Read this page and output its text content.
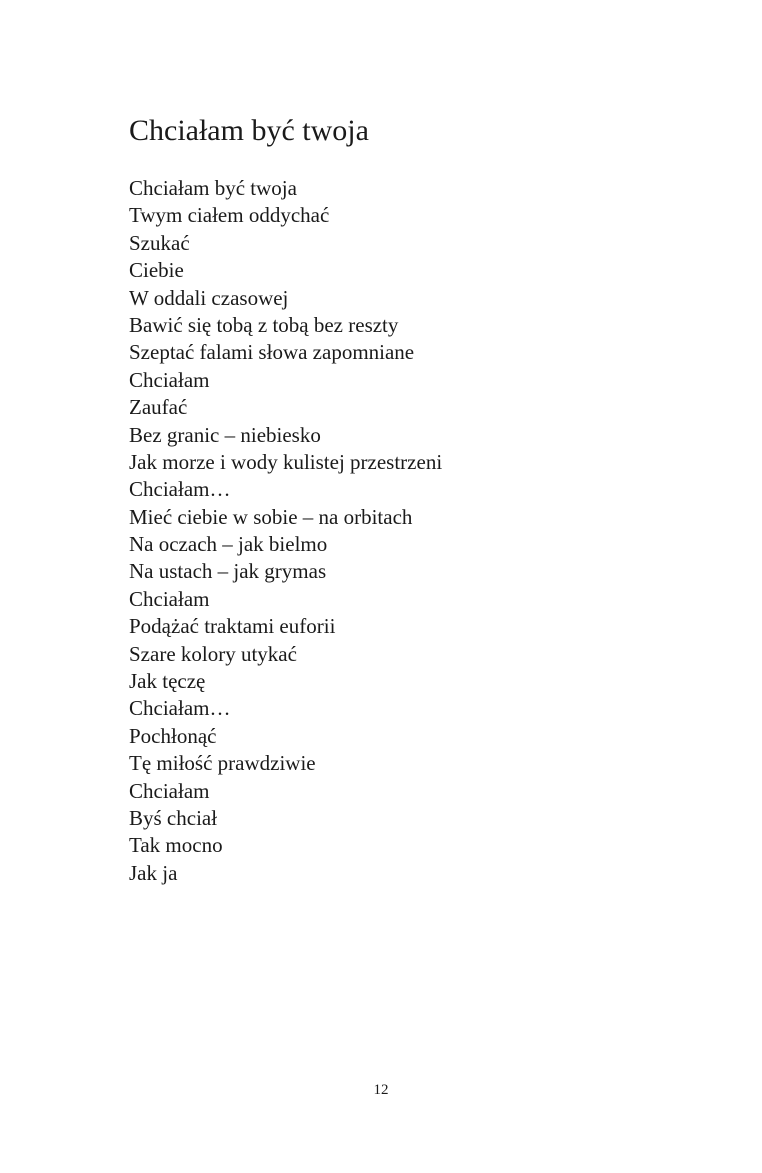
Chciałam być twoja
Chciałam być twoja
Twym ciałem oddychać
Szukać
Ciebie
W oddali czasowej
Bawić się tobą z tobą bez reszty
Szeptać falami słowa zapomniane
Chciałam
Zaufać
Bez granic – niebiesko
Jak morze i wody kulistej przestrzeni
Chciałam…
Mieć ciebie w sobie – na orbitach
Na oczach – jak bielmo
Na ustach – jak grymas
Chciałam
Podążać traktami euforii
Szare kolory utykać
Jak tęczę
Chciałam…
Pochłonąć
Tę miłość prawdziwie
Chciałam
Byś chciał
Tak mocno
Jak ja
12
